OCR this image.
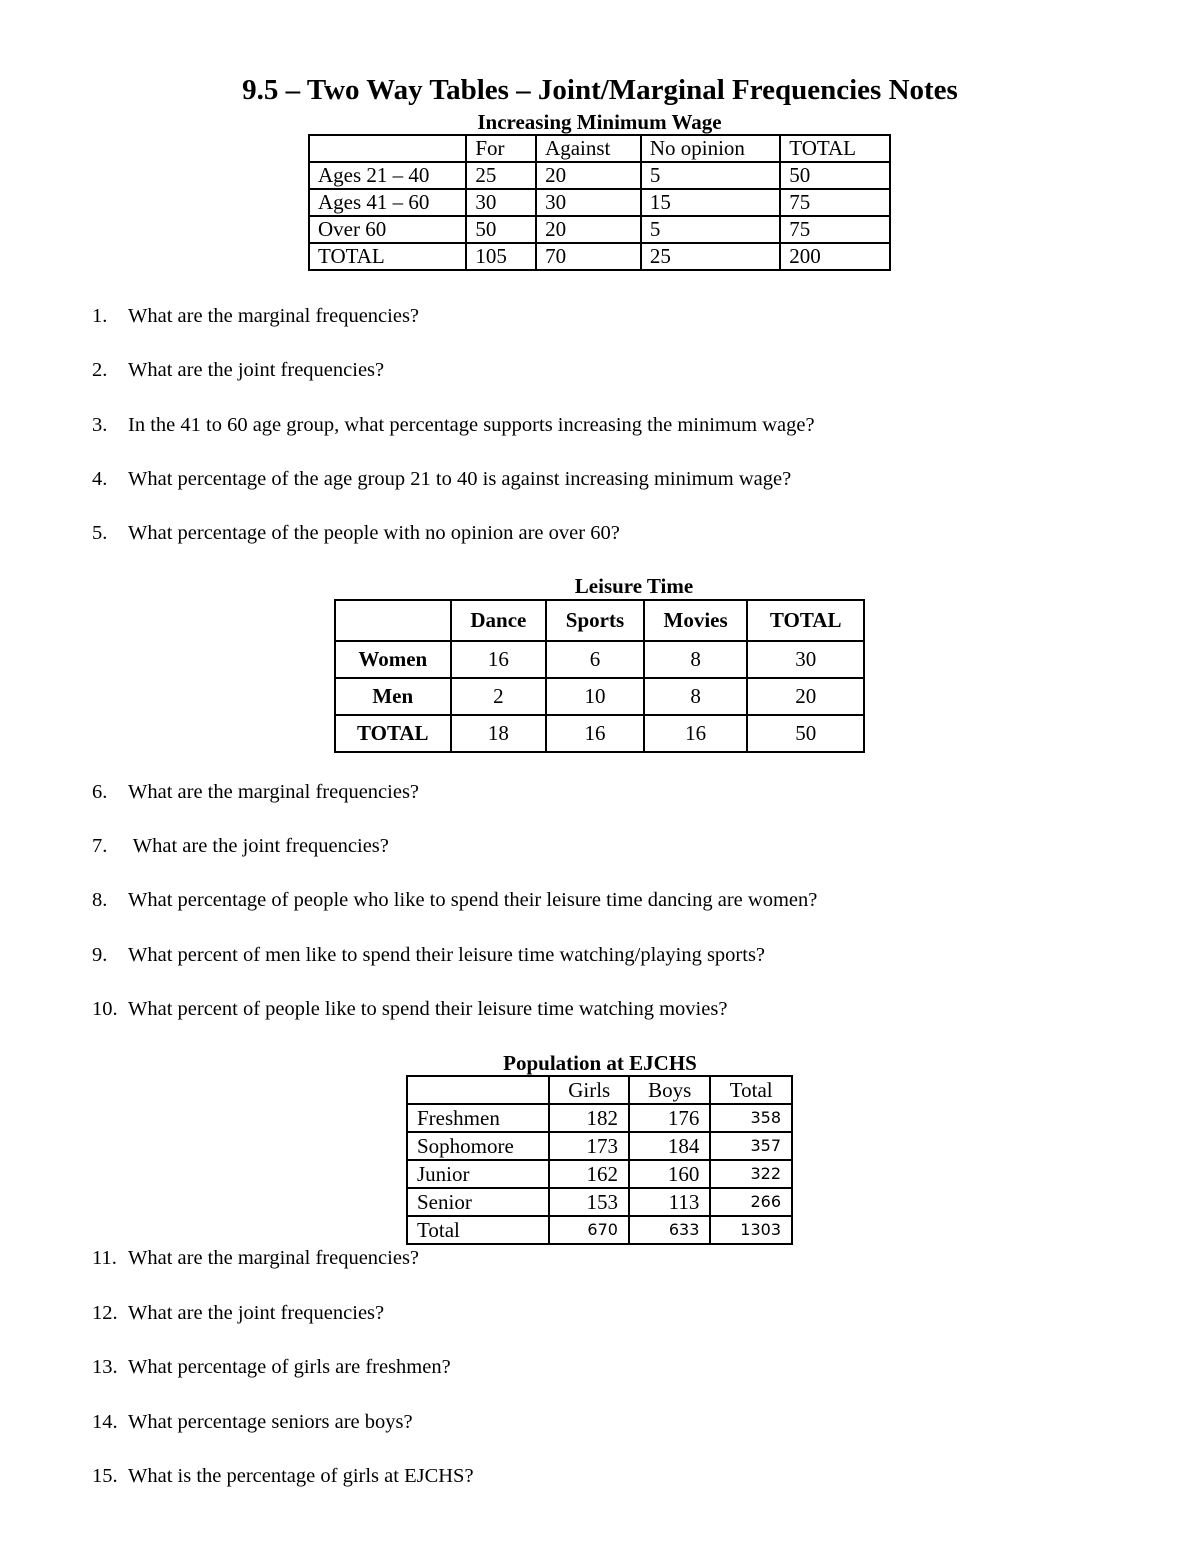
9.5 – Two Way Tables – Joint/Marginal Frequencies Notes
Increasing Minimum Wage
	For	Against	No opinion	TOTAL
Ages 21 – 40	25	20	5	50
Ages 41 – 60	30	30	15	75
Over 60	50	20	5	75
TOTAL	105	70	25	200
1. What are the marginal frequencies?
2. What are the joint frequencies?
3. In the 41 to 60 age group, what percentage supports increasing the minimum wage?
4. What percentage of the age group 21 to 40 is against increasing minimum wage?
5. What percentage of the people with no opinion are over 60?
Leisure Time
	Dance	Sports	Movies	TOTAL
Women	16	6	8	30
Men	2	10	8	20
TOTAL	18	16	16	50
6. What are the marginal frequencies?
7. What are the joint frequencies?
8. What percentage of people who like to spend their leisure time dancing are women?
9. What percent of men like to spend their leisure time watching/playing sports?
10. What percent of people like to spend their leisure time watching movies?
Population at EJCHS
	Girls	Boys	Total
Freshmen	182	176	358
Sophomore	173	184	357
Junior	162	160	322
Senior	153	113	266
Total	670	633	1303
11. What are the marginal frequencies?
12. What are the joint frequencies?
13. What percentage of girls are freshmen?
14. What percentage seniors are boys?
15. What is the percentage of girls at EJCHS?
